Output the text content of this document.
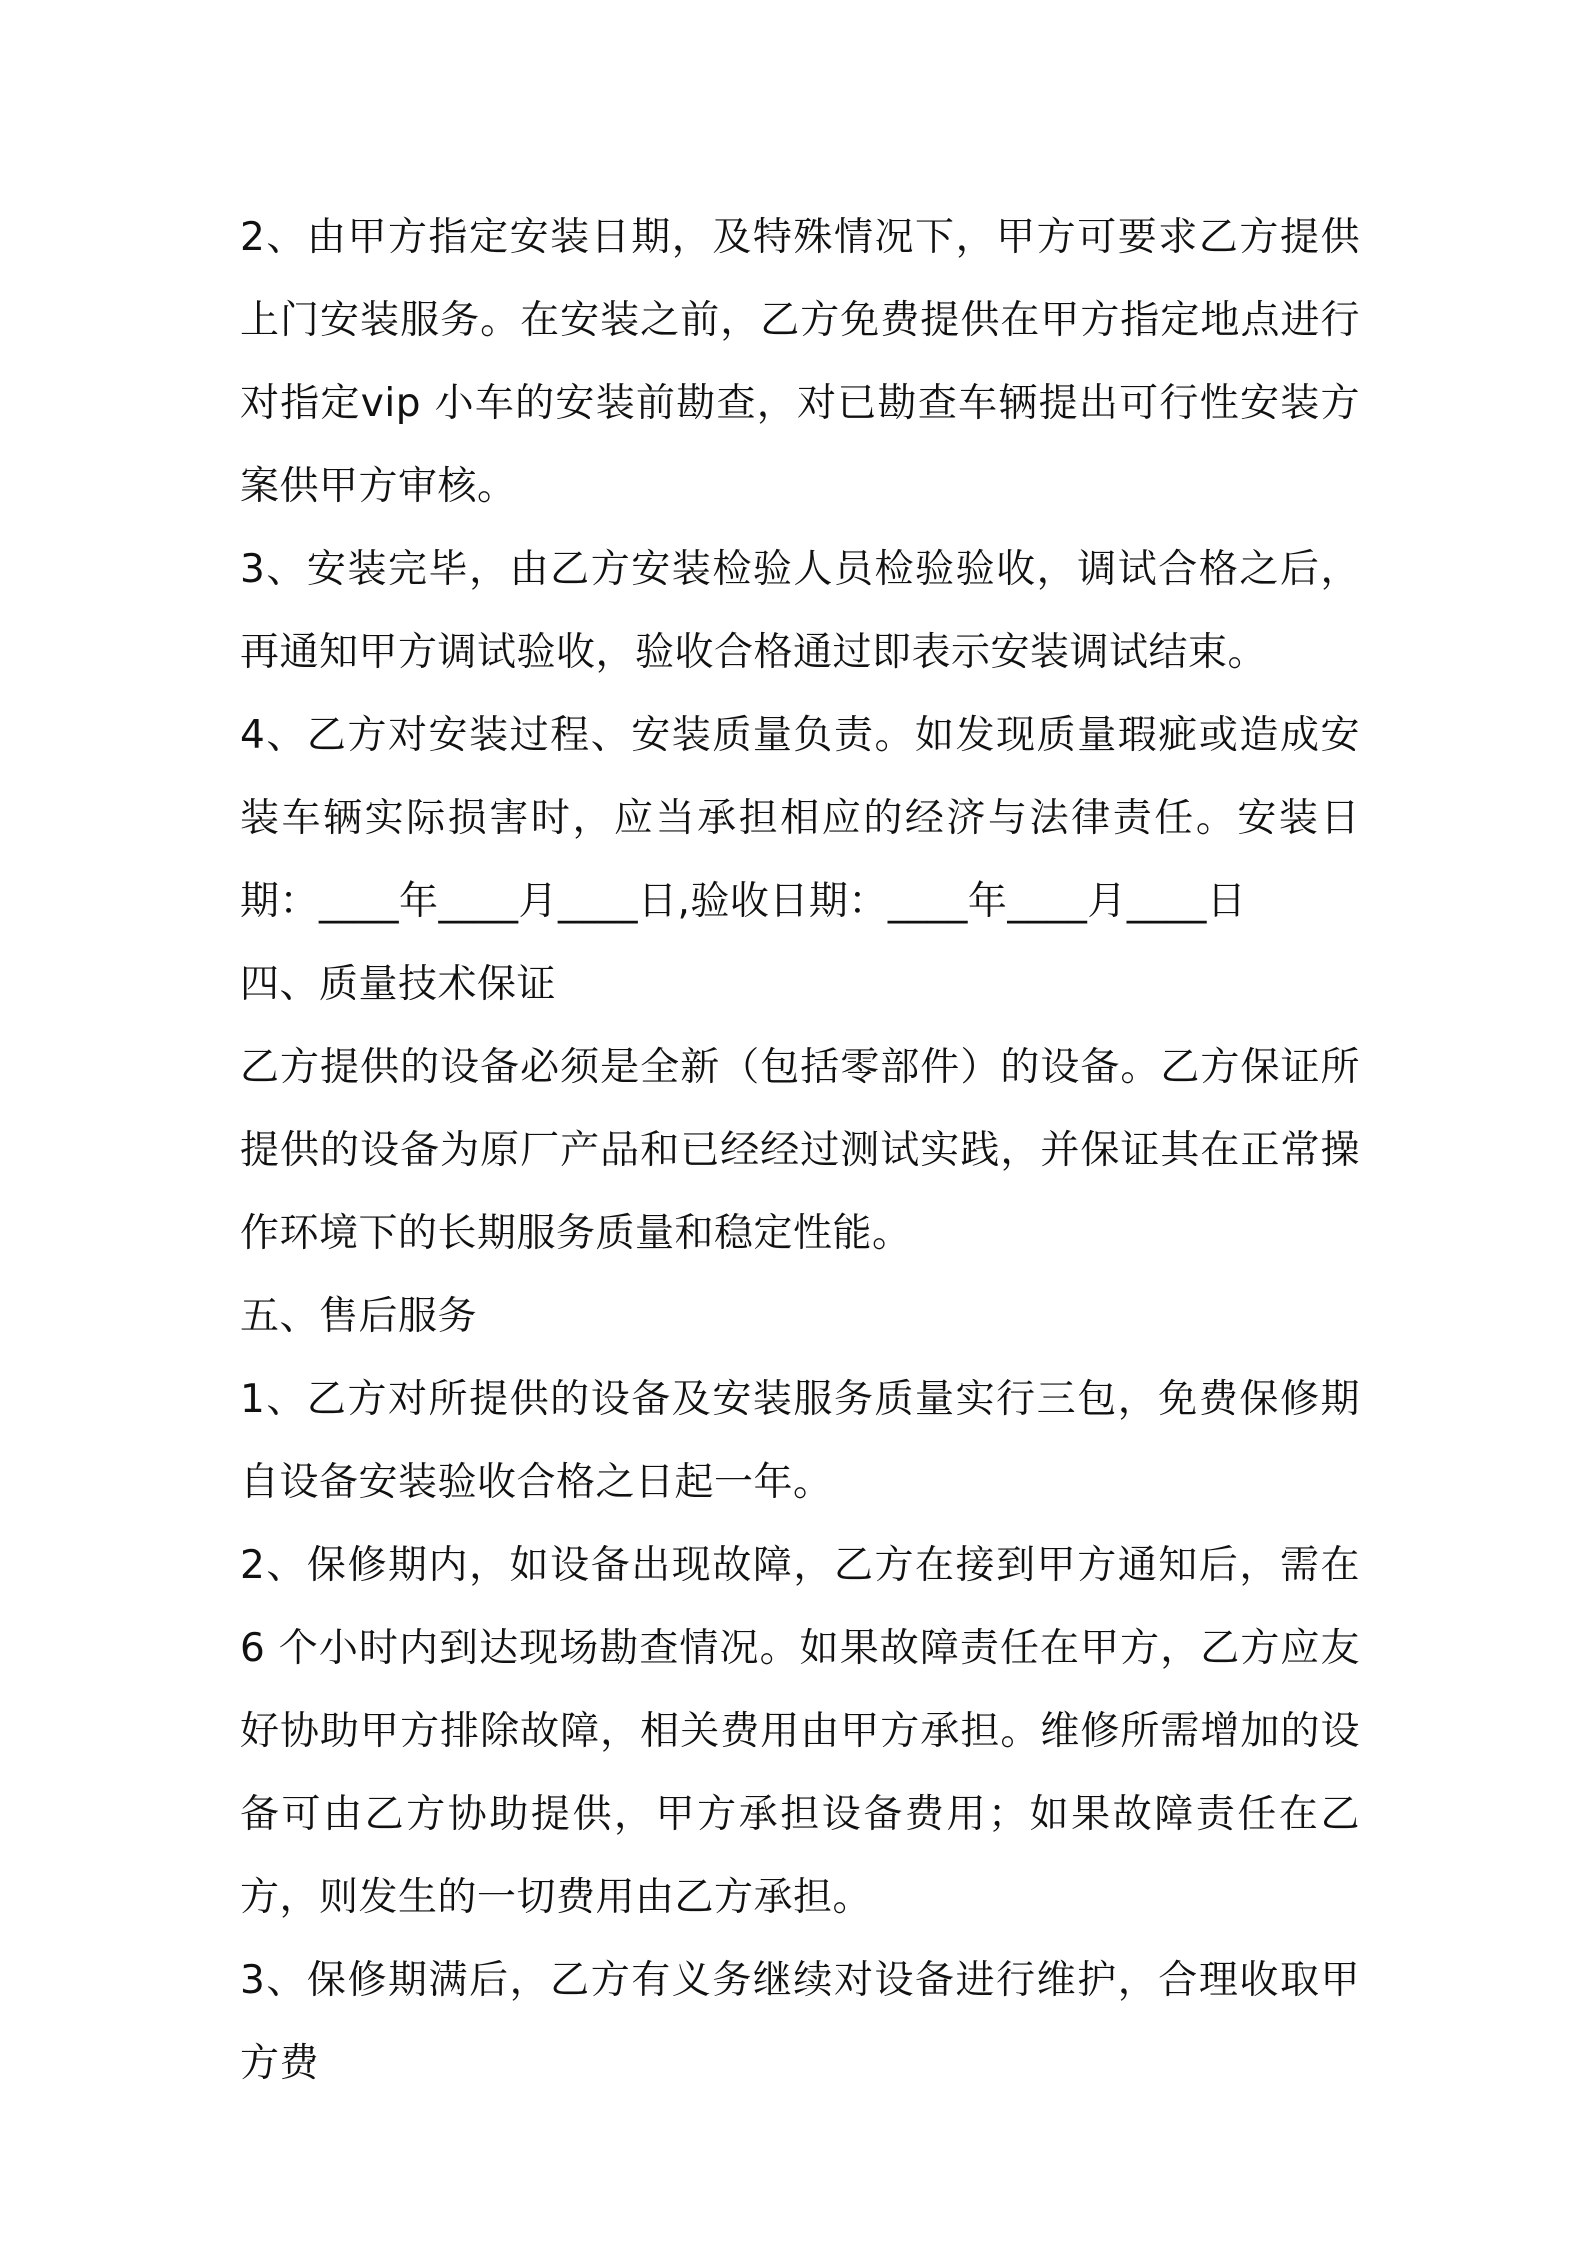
2、由甲方指定安装日期，及特殊情况下，甲方可要求乙方提供上门安装服务。在安装之前，乙方免费提供在甲方指定地点进行对指定vip 小车的安装前勘查，对已勘查车辆提出可行性安装方案供甲方审核。

3、安装完毕，由乙方安装检验人员检验验收，调试合格之后，再通知甲方调试验收，验收合格通过即表示安装调试结束。

4、乙方对安装过程、安装质量负责。如发现质量瑕疵或造成安装车辆实际损害时，应当承担相应的经济与法律责任。安装日期：____年____月____日,验收日期：____年____月____日

四、质量技术保证

乙方提供的设备必须是全新（包括零部件）的设备。乙方保证所提供的设备为原厂产品和已经经过测试实践，并保证其在正常操作环境下的长期服务质量和稳定性能。

五、售后服务

1、乙方对所提供的设备及安装服务质量实行三包，免费保修期自设备安装验收合格之日起一年。

2、保修期内，如设备出现故障，乙方在接到甲方通知后，需在 6 个小时内到达现场勘查情况。如果故障责任在甲方，乙方应友好协助甲方排除故障，相关费用由甲方承担。维修所需增加的设备可由乙方协助提供，甲方承担设备费用；如果故障责任在乙方，则发生的一切费用由乙方承担。

3、保修期满后，乙方有义务继续对设备进行维护，合理收取甲方费
